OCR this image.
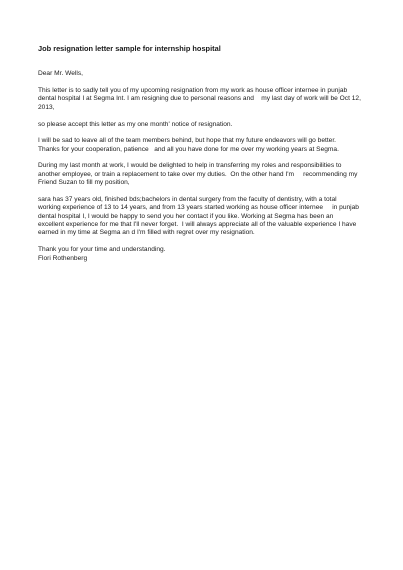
Job resignation letter sample for internship hospital
Dear Mr. Wells,
This letter is to sadly tell you of my upcoming resignation from my work as house officer internee in punjab
dental hospital I at Segma Int. I am resigning due to personal reasons and    my last day of work will be Oct 12,
2013,
so please accept this letter as my one month' notice of resignation.
I will be sad to leave all of the team members behind, but hope that my future endeavors will go better.
Thanks for your cooperation, patience   and all you have done for me over my working years at Segma.
During my last month at work, I would be delighted to help in transferring my roles and responsibilities to
another employee, or train a replacement to take over my duties.  On the other hand I'm     recommending my
Friend Suzan to fill my position,
sara has 37 years old, finished bds;bachelors in dental surgery from the faculty of dentistry, with a total
working experience of 13 to 14 years, and from 13 years started working as house officer internee     in punjab
dental hospital I, I would be happy to send you her contact if you like. Working at Segma has been an
excellent experience for me that I'll never forget.  I will always appreciate all of the valuable experience I have
earned in my time at Segma an d I'm filled with regret over my resignation.
Thank you for your time and understanding.
Flori Rothenberg
